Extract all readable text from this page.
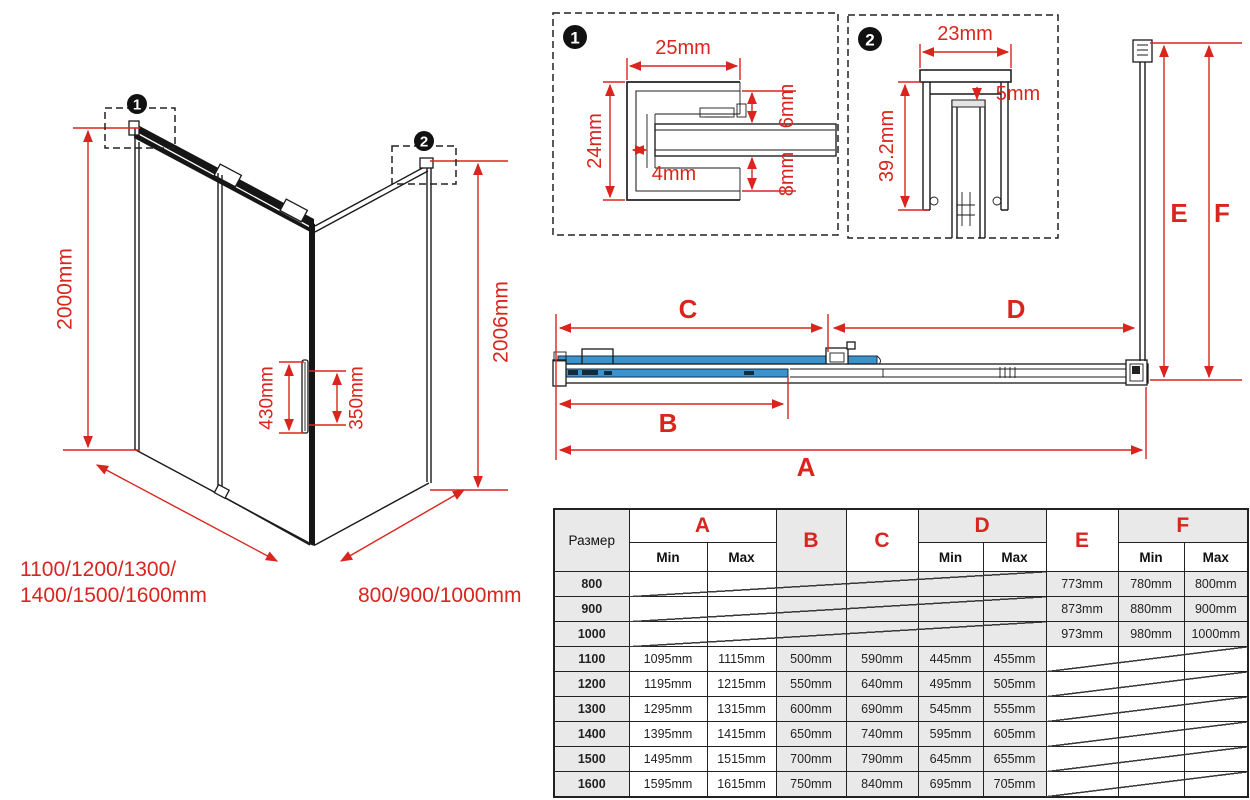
2000mm	2006mm
430mm	350mm
1100/1200/1300/
1400/1500/1600mm	800/900/1000mm
1
2
1	25mm
24mm
6mm
8mm
4mm
2	23mm
5mm
39.2mm
C	D
B
A
E F
Размер	A		B	C	D		E	F	
	Min	Max			Min	Max		Min	Max
800							773mm	780mm	800mm
900							873mm	880mm	900mm
1000							973mm	980mm	1000mm
1100	1095mm	1115mm	500mm	590mm	445mm	455mm			
1200	1195mm	1215mm	550mm	640mm	495mm	505mm			
1300	1295mm	1315mm	600mm	690mm	545mm	555mm			
1400	1395mm	1415mm	650mm	740mm	595mm	605mm			
1500	1495mm	1515mm	700mm	790mm	645mm	655mm			
1600	1595mm	1615mm	750mm	840mm	695mm	705mm			
